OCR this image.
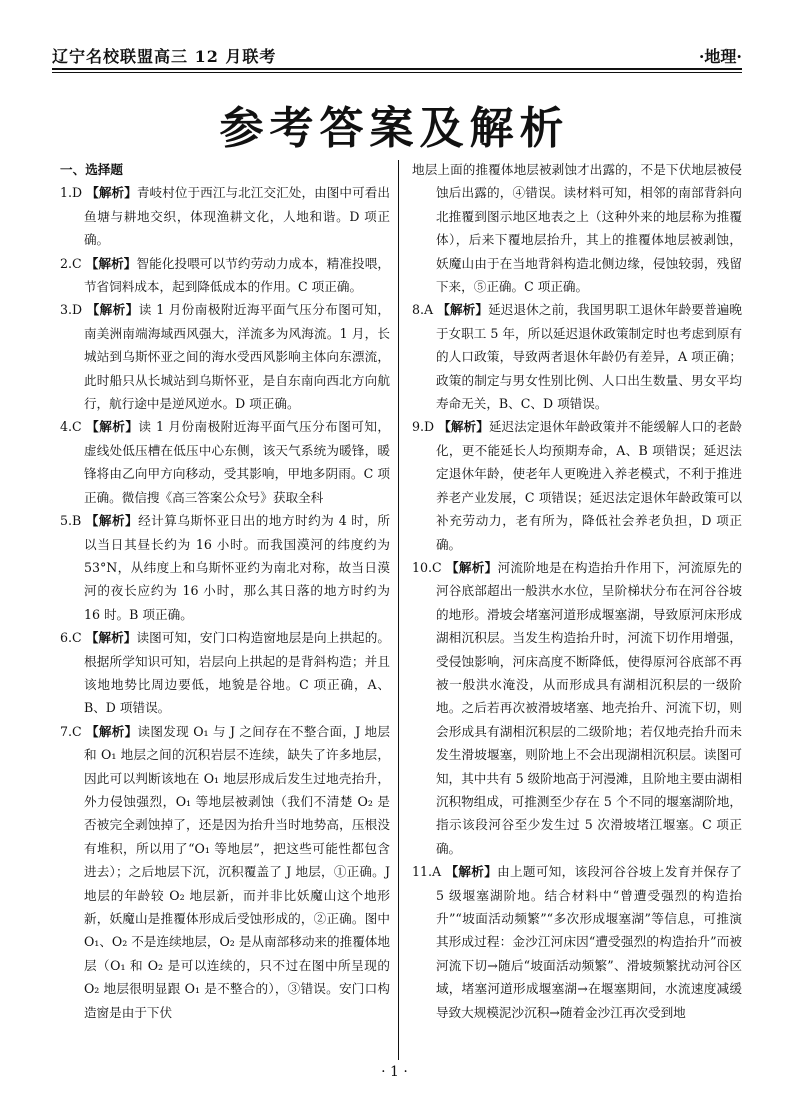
辽宁名校联盟高三 12 月联考	·地理·
参考答案及解析

一、选择题

1.D 【解析】青岐村位于西江与北江交汇处，由图中可看出鱼塘与耕地交织，体现渔耕文化，人地和谐。D 项正确。

2.C 【解析】智能化投喂可以节约劳动力成本，精准投喂，节省饲料成本，起到降低成本的作用。C 项正确。

3.D 【解析】读 1 月份南极附近海平面气压分布图可知，南美洲南端海域西风强大，洋流多为风海流。1 月，长城站到乌斯怀亚之间的海水受西风影响主体向东漂流，此时船只从长城站到乌斯怀亚，是自东南向西北方向航行，航行途中是逆风逆水。D 项正确。

4.C 【解析】读 1 月份南极附近海平面气压分布图可知，虚线处低压槽在低压中心东侧，该天气系统为暖锋，暖锋将由乙向甲方向移动，受其影响，甲地多阴雨。C 项正确。微信搜《高三答案公众号》获取全科

5.B 【解析】经计算乌斯怀亚日出的地方时约为 4 时，所以当日其昼长约为 16 小时。而我国漠河的纬度约为 53°N，从纬度上和乌斯怀亚约为南北对称，故当日漠河的夜长应约为 16 小时，那么其日落的地方时约为 16 时。B 项正确。

6.C 【解析】读图可知，安门口构造窗地层是向上拱起的。根据所学知识可知，岩层向上拱起的是背斜构造；并且该地地势比周边要低，地貌是谷地。C 项正确，A、B、D 项错误。

7.C 【解析】读图发现 O₁ 与 J 之间存在不整合面，J 地层和 O₁ 地层之间的沉积岩层不连续，缺失了许多地层，因此可以判断该地在 O₁ 地层形成后发生过地壳抬升，外力侵蚀强烈，O₁ 等地层被剥蚀（我们不清楚 O₂ 是否被完全剥蚀掉了，还是因为抬升当时地势高，压根没有堆积，所以用了“O₁ 等地层”，把这些可能性都包含进去）；之后地层下沉，沉积覆盖了 J 地层，①正确。J 地层的年龄较 O₂ 地层新，而并非比妖魔山这个地形新，妖魔山是推覆体形成后受蚀形成的，②正确。图中 O₁、O₂ 不是连续地层，O₂ 是从南部移动来的推覆体地层（O₁ 和 O₂ 是可以连续的，只不过在图中所呈现的 O₂ 地层很明显跟 O₁ 是不整合的），③错误。安门口构造窗是由于下伏

地层上面的推覆体地层被剥蚀才出露的，不是下伏地层被侵蚀后出露的，④错误。读材料可知，相邻的南部背斜向北推覆到图示地区地表之上（这种外来的地层称为推覆体），后来下覆地层抬升，其上的推覆体地层被剥蚀，妖魔山由于在当地背斜构造北侧边缘，侵蚀较弱，残留下来，⑤正确。C 项正确。

8.A 【解析】延迟退休之前，我国男职工退休年龄要普遍晚于女职工 5 年，所以延迟退休政策制定时也考虑到原有的人口政策，导致两者退休年龄仍有差异，A 项正确；政策的制定与男女性别比例、人口出生数量、男女平均寿命无关，B、C、D 项错误。

9.D 【解析】延迟法定退休年龄政策并不能缓解人口的老龄化，更不能延长人均预期寿命，A、B 项错误；延迟法定退休年龄，使老年人更晚进入养老模式，不利于推进养老产业发展，C 项错误；延迟法定退休年龄政策可以补充劳动力，老有所为，降低社会养老负担，D 项正确。

10.C 【解析】河流阶地是在构造抬升作用下，河流原先的河谷底部超出一般洪水水位，呈阶梯状分布在河谷谷坡的地形。滑坡会堵塞河道形成堰塞湖，导致原河床形成湖相沉积层。当发生构造抬升时，河流下切作用增强，受侵蚀影响，河床高度不断降低，使得原河谷底部不再被一般洪水淹没，从而形成具有湖相沉积层的一级阶地。之后若再次被滑坡堵塞、地壳抬升、河流下切，则会形成具有湖相沉积层的二级阶地；若仅地壳抬升而未发生滑坡堰塞，则阶地上不会出现湖相沉积层。读图可知，其中共有 5 级阶地高于河漫滩，且阶地主要由湖相沉积物组成，可推测至少存在 5 个不同的堰塞湖阶地，指示该段河谷至少发生过 5 次滑坡堵江堰塞。C 项正确。

11.A 【解析】由上题可知，该段河谷谷坡上发育并保存了 5 级堰塞湖阶地。结合材料中“曾遭受强烈的构造抬升”“坡面活动频繁”“多次形成堰塞湖”等信息，可推演其形成过程：金沙江河床因“遭受强烈的构造抬升”而被河流下切→随后“坡面活动频繁”、滑坡频繁扰动河谷区域，堵塞河道形成堰塞湖→在堰塞期间，水流速度减缓导致大规模泥沙沉积→随着金沙江再次受到地

· 1 ·
